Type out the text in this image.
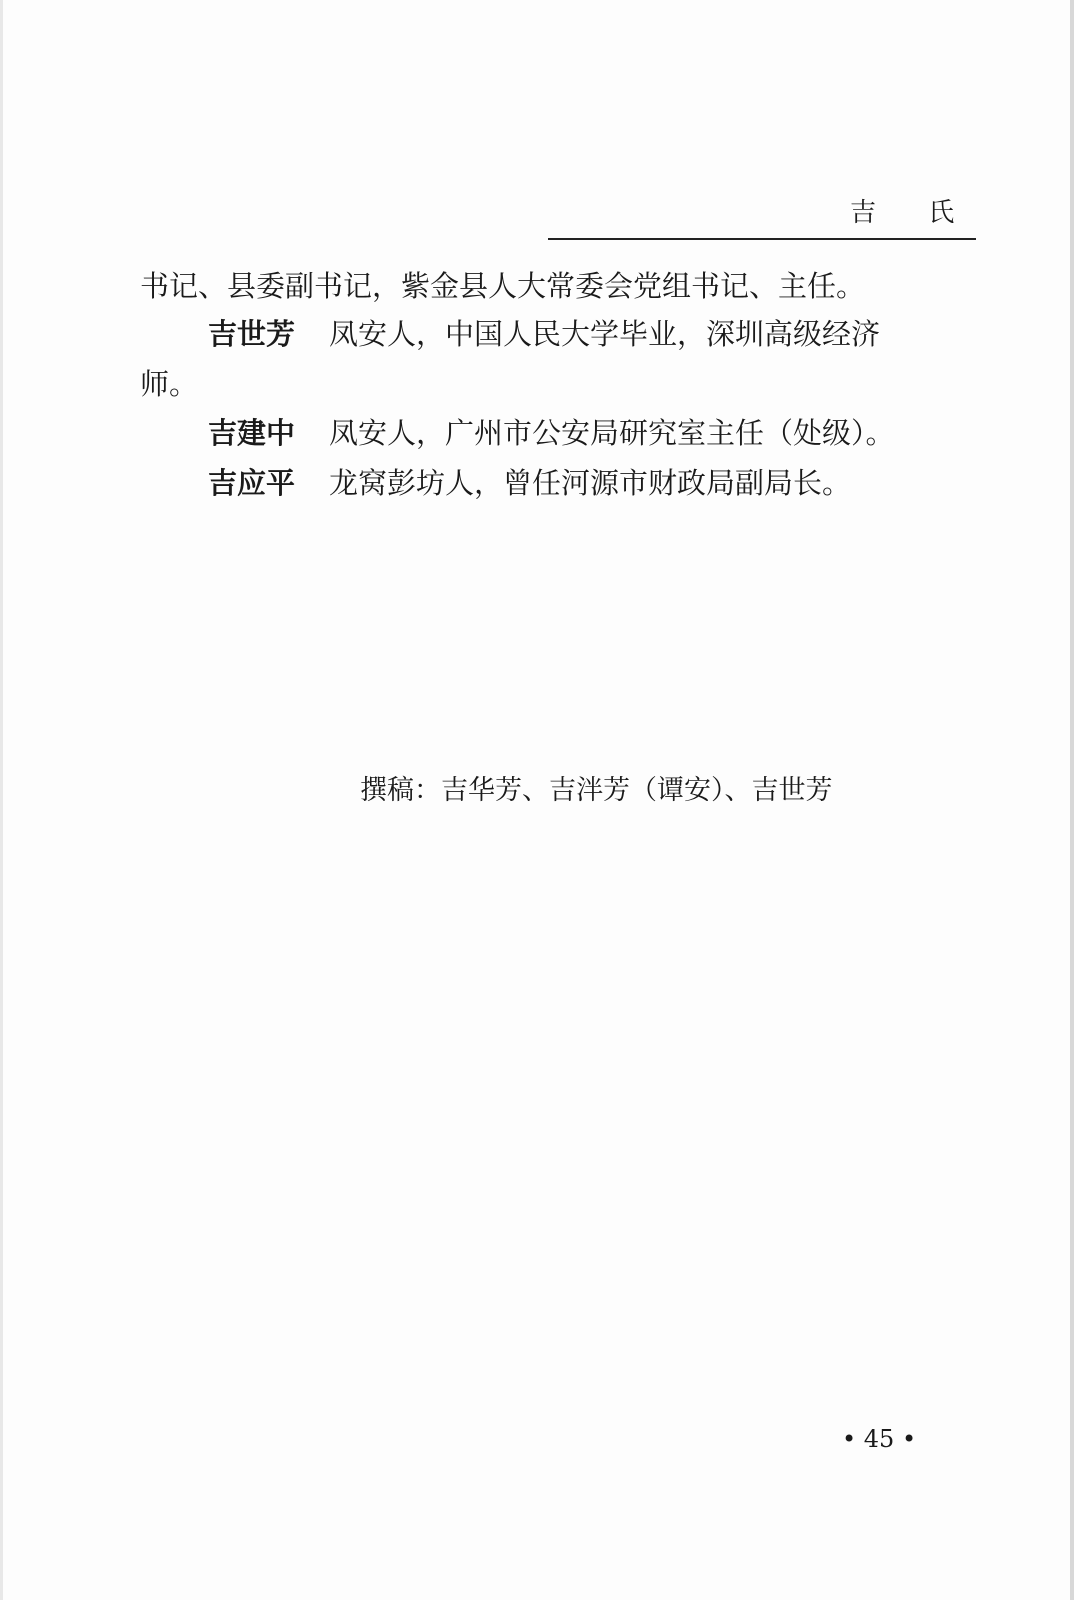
吉 氏
书记、县委副书记，紫金县人大常委会党组书记、主任。
吉世芳 凤安人，中国人民大学毕业，深圳高级经济
师。
吉建中 凤安人，广州市公安局研究室主任（处级）。
吉应平 龙窝彭坊人，曾任河源市财政局副局长。
撰稿：吉华芳、吉泮芳（谭安）、吉世芳
• 45 •
